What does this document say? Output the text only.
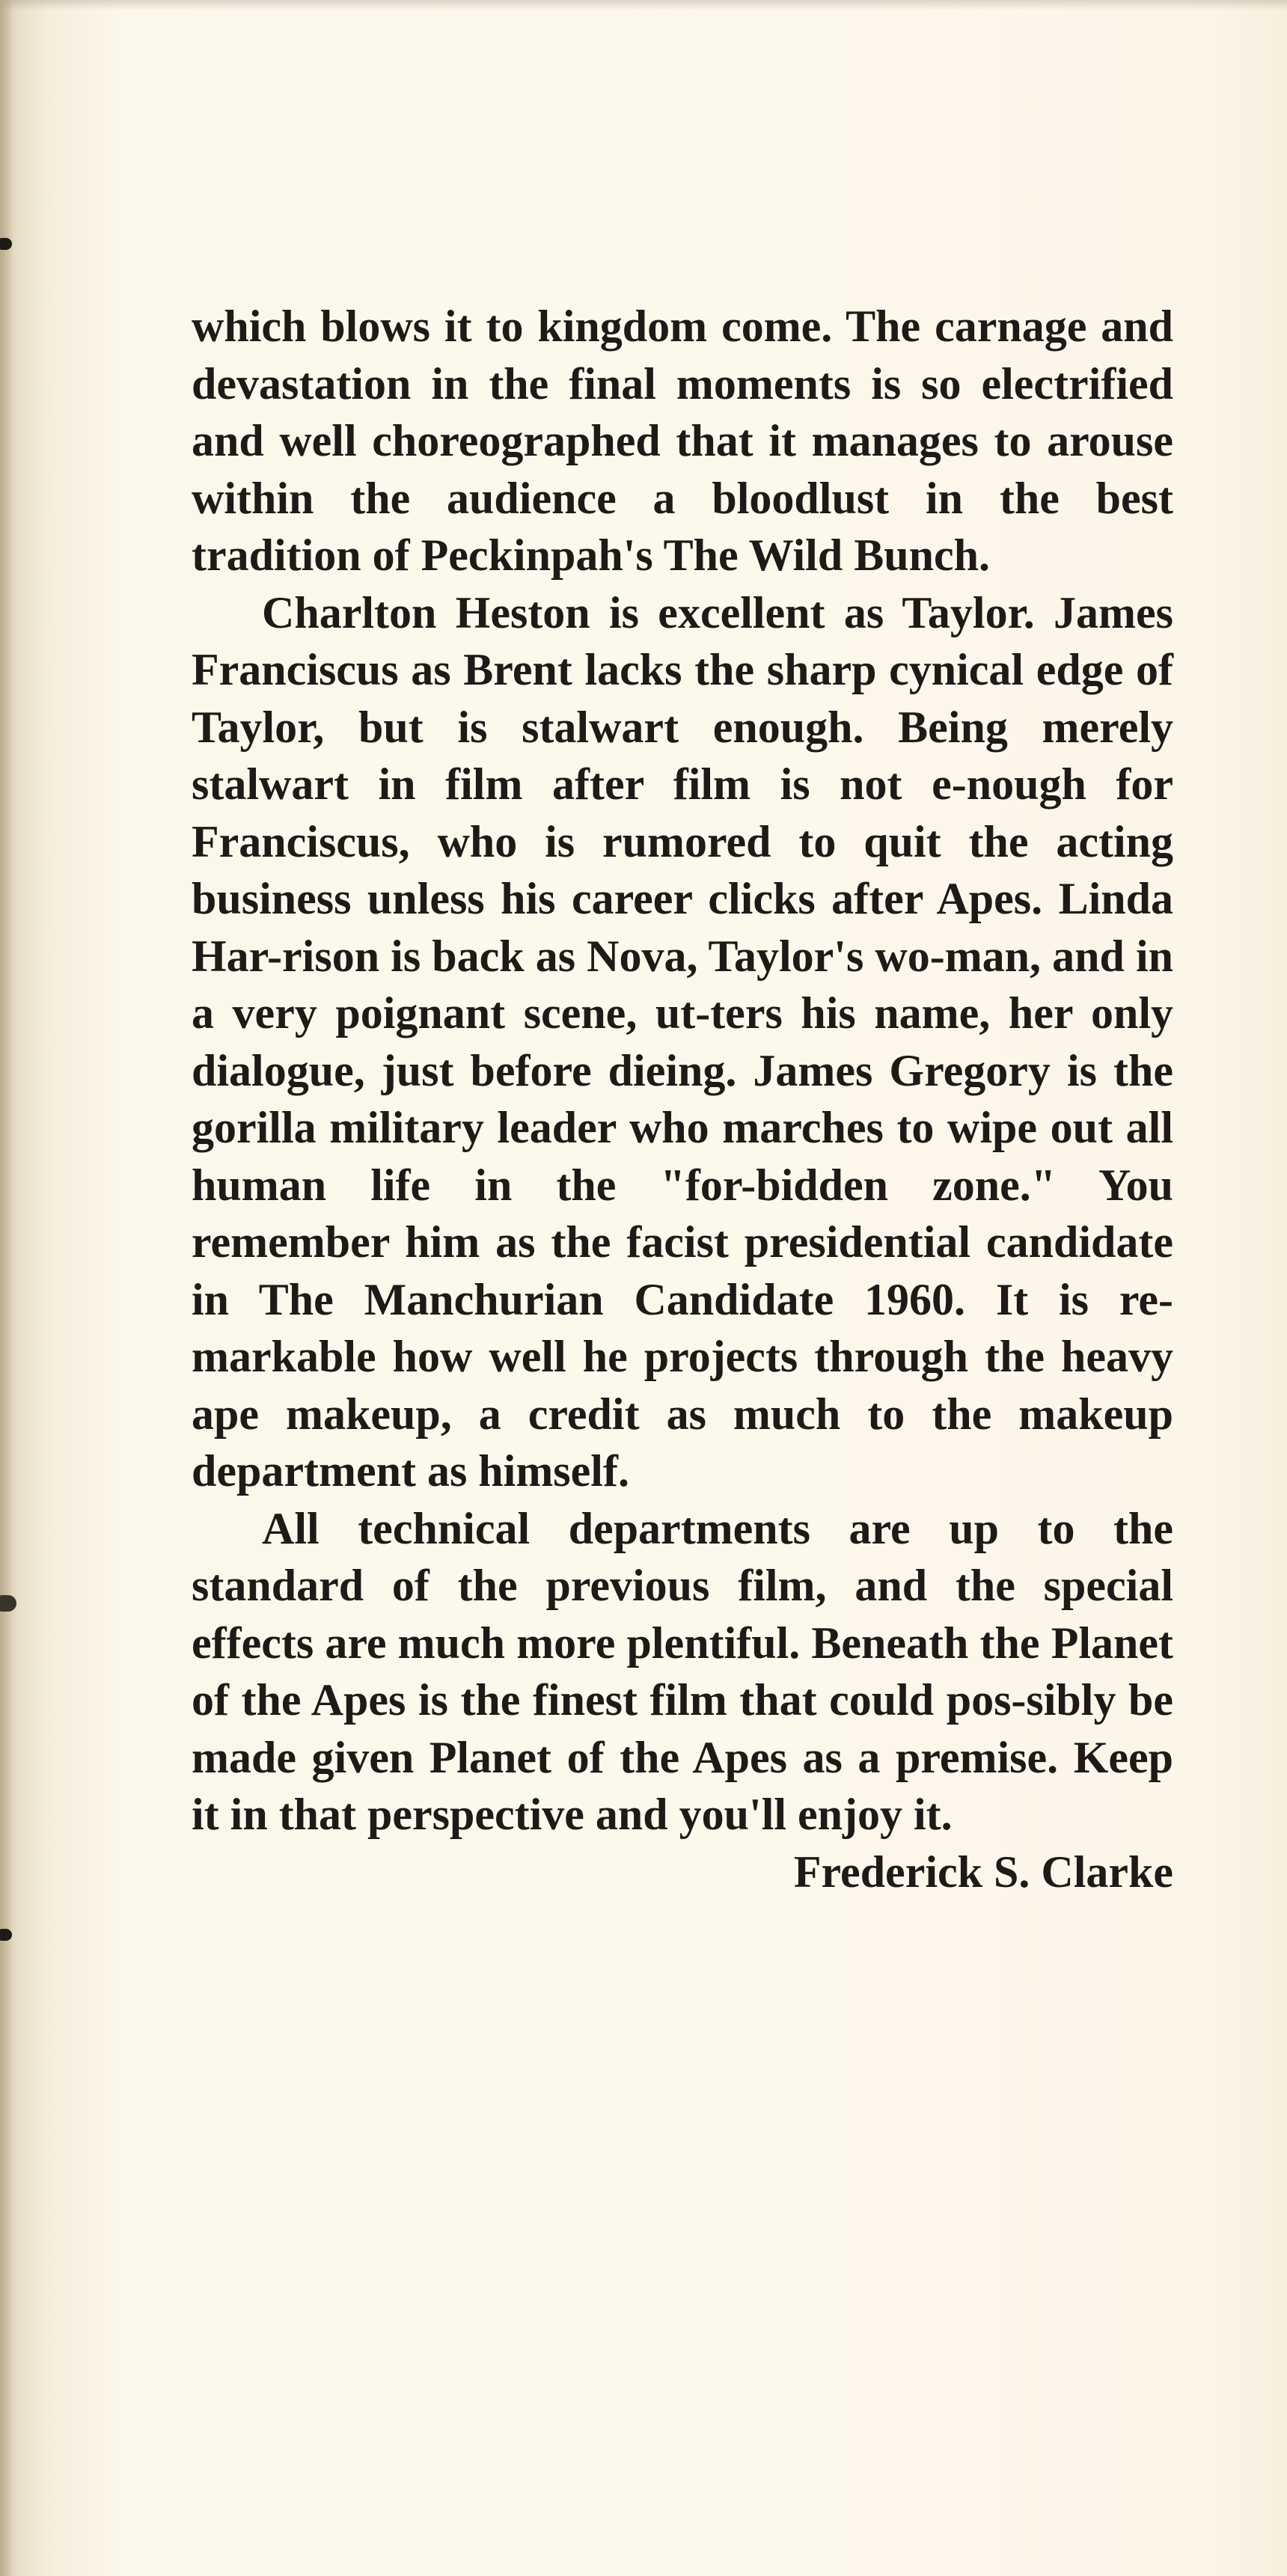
which blows it to kingdom come. The carnage and devastation in the final moments is so electrified and well choreographed that it manages to arouse within the audience a bloodlust in the best tradition of Peckinpah's The Wild Bunch.

Charlton Heston is excellent as Taylor. James Franciscus as Brent lacks the sharp cynical edge of Taylor, but is stalwart enough. Being merely stalwart in film after film is not e-nough for Franciscus, who is rumored to quit the acting business unless his career clicks after Apes. Linda Har-rison is back as Nova, Taylor's wo-man, and in a very poignant scene, ut-ters his name, her only dialogue, just before dieing. James Gregory is the gorilla military leader who marches to wipe out all human life in the "for-bidden zone." You remember him as the facist presidential candidate in The Manchurian Candidate 1960. It is re-markable how well he projects through the heavy ape makeup, a credit as much to the makeup department as himself.

All technical departments are up to the standard of the previous film, and the special effects are much more plentiful. Beneath the Planet of the Apes is the finest film that could pos-sibly be made given Planet of the Apes as a premise. Keep it in that perspective and you'll enjoy it.

Frederick S. Clarke
